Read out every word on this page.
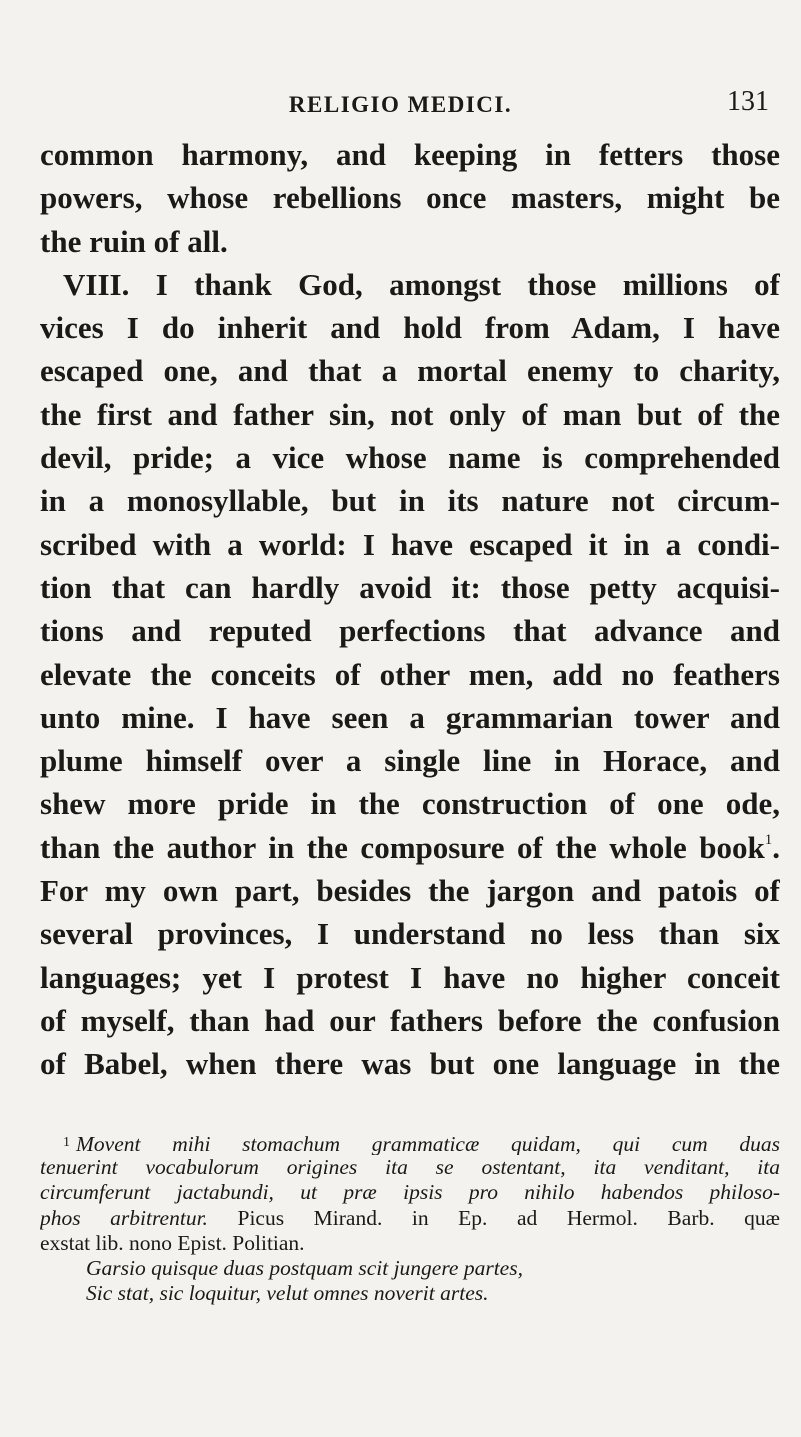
RELIGIO MEDICI.	131
common harmony, and keeping in fetters those
powers, whose rebellions once masters, might be
the ruin of all.
VIII. I thank God, amongst those millions of
vices I do inherit and hold from Adam, I have
escaped one, and that a mortal enemy to charity,
the first and father sin, not only of man but of the
devil, pride; a vice whose name is comprehended
in a monosyllable, but in its nature not circum-
scribed with a world: I have escaped it in a condi-
tion that can hardly avoid it: those petty acquisi-
tions and reputed perfections that advance and
elevate the conceits of other men, add no feathers
unto mine. I have seen a grammarian tower and
plume himself over a single line in Horace, and
shew more pride in the construction of one ode,
than the author in the composure of the whole book$^1$.
For my own part, besides the jargon and patois of
several provinces, I understand no less than six
languages; yet I protest I have no higher conceit
of myself, than had our fathers before the confusion
of Babel, when there was but one language in the
$^1$ Movent mihi stomachum grammaticæ quidam, qui cum duas
tenuerint vocabulorum origines ita se ostentant, ita venditant, ita
circumferunt jactabundi, ut præ ipsis pro nihilo habendos philoso-
phos arbitrentur. Picus Mirand. in Ep. ad Hermol. Barb. quæ
exstat lib. nono Epist. Politian.
Garsio quisque duas postquam scit jungere partes,
Sic stat, sic loquitur, velut omnes noverit artes.
